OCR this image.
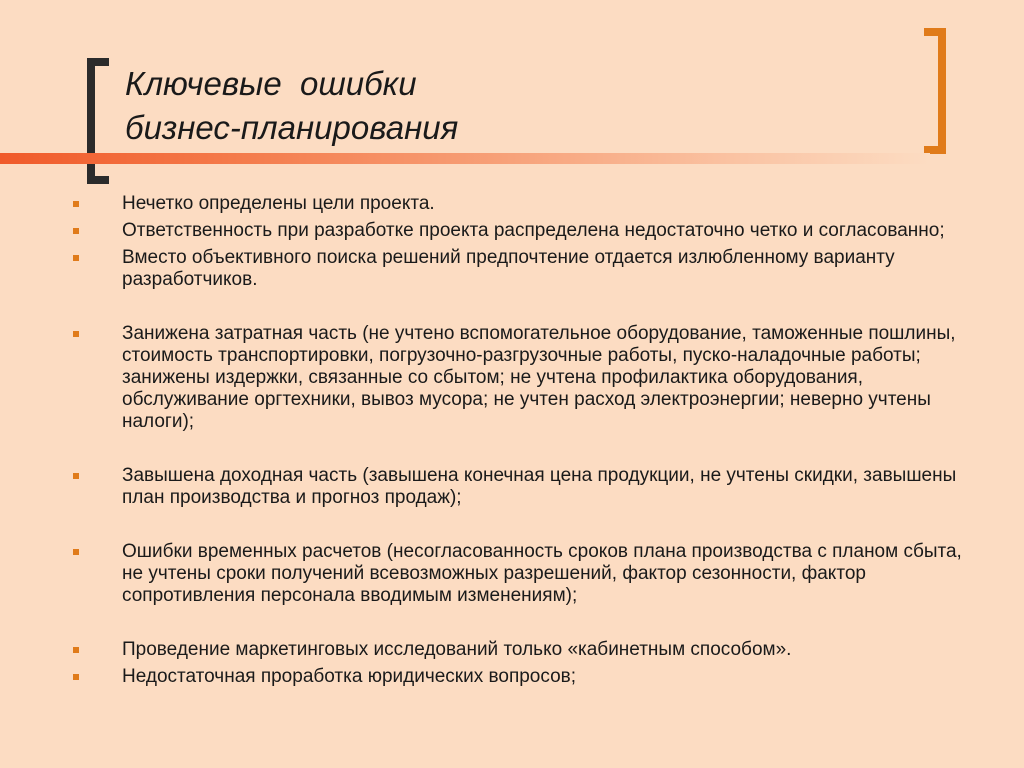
Ключевые  ошибки
бизнес-планирования
Нечетко определены цели проекта.
Ответственность при разработке проекта распределена недостаточно четко и согласованно;
Вместо объективного поиска решений предпочтение отдается излюбленному варианту разработчиков.
Занижена затратная часть (не учтено вспомогательное оборудование, таможенные пошлины, стоимость транспортировки, погрузочно-разгрузочные работы, пуско-наладочные работы; занижены издержки, связанные со сбытом; не учтена профилактика оборудования, обслуживание оргтехники, вывоз мусора; не учтен расход электроэнергии; неверно учтены налоги);
Завышена доходная часть (завышена конечная цена продукции, не учтены скидки, завышены план производства и прогноз продаж);
Ошибки временных расчетов (несогласованность сроков плана производства с планом сбыта, не учтены сроки получений всевозможных разрешений, фактор сезонности, фактор сопротивления персонала вводимым изменениям);
Проведение маркетинговых исследований только «кабинетным способом».
Недостаточная проработка юридических вопросов;
